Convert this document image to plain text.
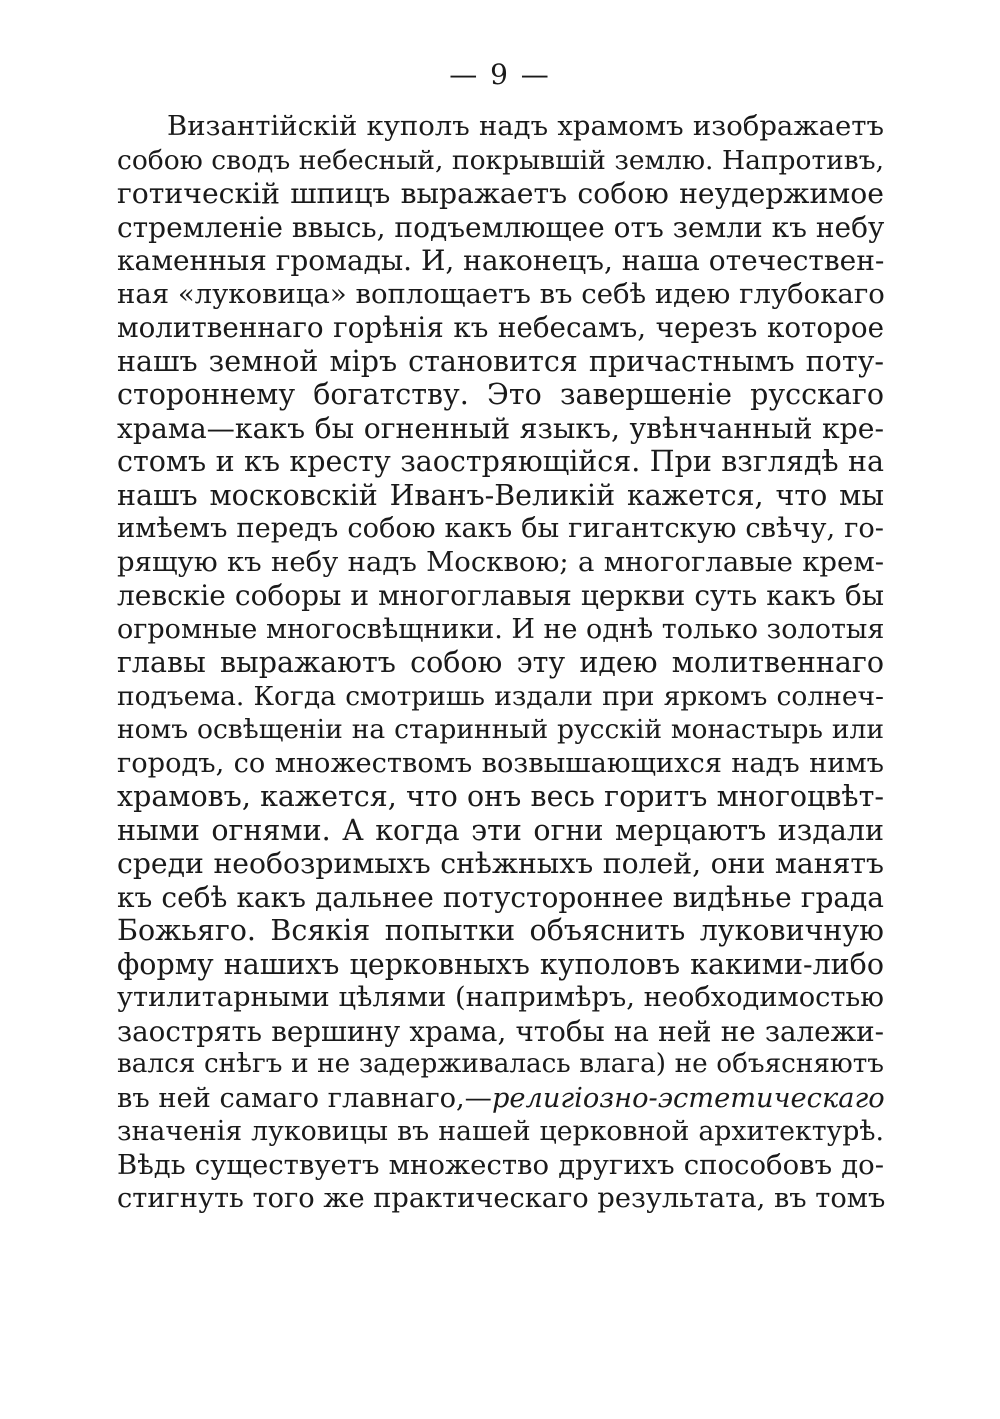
— 9 —
Византійскій куполъ надъ храмомъ изображаетъ
собою сводъ небесный, покрывшій землю. Напротивъ,
готическій шпицъ выражаетъ собою неудержимое
стремленіе ввысь, подъемлющее отъ земли къ небу
каменныя громады. И, наконецъ, наша отечествен-
ная «луковица» воплощаетъ въ себѣ идею глубокаго
молитвеннаго горѣнія къ небесамъ, черезъ которое
нашъ земной міръ становится причастнымъ поту-
стороннему богатству. Это завершеніе русскаго
храма—какъ бы огненный языкъ, увѣнчанный кре-
стомъ и къ кресту заостряющійся. При взглядѣ на
нашъ московскій Иванъ-Великій кажется, что мы
имѣемъ передъ собою какъ бы гигантскую свѣчу, го-
рящую къ небу надъ Москвою; а многоглавые крем-
левскіе соборы и многоглавыя церкви суть какъ бы
огромные многосвѣщники. И не однѣ только золотыя
главы выражаютъ собою эту идею молитвеннаго
подъема. Когда смотришь издали при яркомъ солнеч-
номъ освѣщеніи на старинный русскій монастырь или
городъ, со множествомъ возвышающихся надъ нимъ
храмовъ, кажется, что онъ весь горитъ многоцвѣт-
ными огнями. А когда эти огни мерцаютъ издали
среди необозримыхъ снѣжныхъ полей, они манятъ
къ себѣ какъ дальнее потустороннее видѣнье града
Божьяго. Всякія попытки объяснить луковичную
форму нашихъ церковныхъ куполовъ какими-либо
утилитарными цѣлями (напримѣръ, необходимостью
заострять вершину храма, чтобы на ней не залежи-
вался снѣгъ и не задерживалась влага) не объясняютъ
въ ней самаго главнаго,—религіозно-эстетическаго
значенія луковицы въ нашей церковной архитектурѣ.
Вѣдь существуетъ множество другихъ способовъ до-
стигнуть того же практическаго результата, въ томъ
